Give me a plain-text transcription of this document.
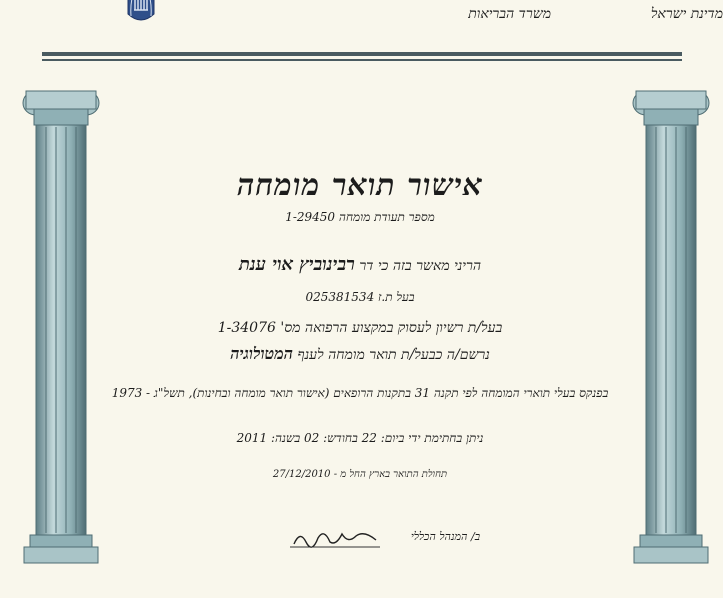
מדינת ישראל
משרד הבריאות
אישור תואר מומחה
מספר תעודת מומחה 1-29450
הריני מאשר בזה כי דר רבינוביץ אוי ענת
בעל ת.ז 025381534
בעל/ת רשיון לעסוק במקצוע הרפואה מס' 1-34076
נרשם/ה כבעל/ת תואר מומחה לענף המטולוגיה
בפנקס בעלי תוארי המומחה לפי תקנה 31 בתקנות הרופאים (אישור תואר מומחה ובחינות), תשל"ג - 1973
ניתן בחתימת ידי ביום: 22 בחודש: 02 בשנה: 2011
תחולת התואר בארץ החל מ - 27/12/2010
ב/ המנהל הכללי
